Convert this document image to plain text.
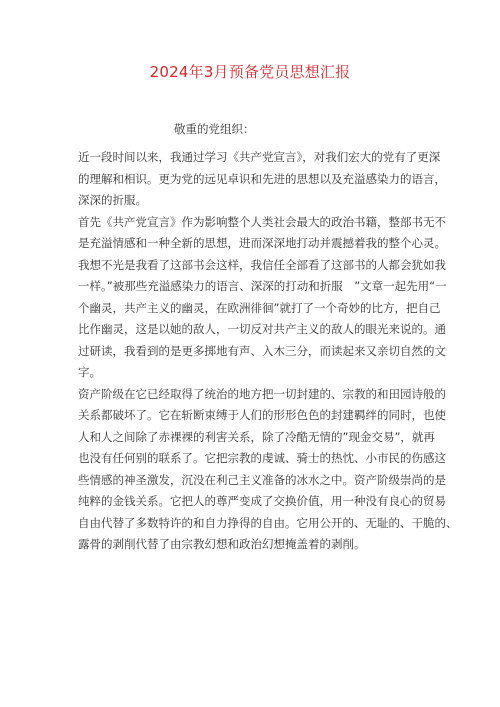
2024年3月预备党员思想汇报
敬重的党组织：
近一段时间以来，我通过学习《共产党宣言》，对我们宏大的党有了更深
的理解和相识。更为党的远见卓识和先进的思想以及充溢感染力的语言，
深深的折服。
首先《共产党宣言》作为影响整个人类社会最大的政治书籍，整部书无不
是充溢情感和一种全新的思想，进而深深地打动并震撼着我的整个心灵。
我想不光是我看了这部书会这样，我信任全部看了这部书的人都会犹如我
一样。”被那些充溢感染力的语言、深深的打动和折服　”文章一起先用“一
个幽灵，共产主义的幽灵，在欧洲徘徊”就打了一个奇妙的比方，把自己
比作幽灵，这是以她的敌人，一切反对共产主义的敌人的眼光来说的。通
过研读，我看到的是更多掷地有声、入木三分，而读起来又亲切自然的文
字。
资产阶级在它已经取得了统治的地方把一切封建的、宗教的和田园诗般的
关系都破坏了。它在斩断束缚于人们的形形色色的封建羁绊的同时，也使
人和人之间除了赤裸裸的利害关系，除了冷酷无情的”现金交易”，就再
也没有任何别的联系了。它把宗教的虔诚、骑士的热忱、小市民的伤感这
些情感的神圣激发，沉没在利己主义准备的冰水之中。资产阶级崇尚的是
纯粹的金钱关系。它把人的尊严变成了交换价值，用一种没有良心的贸易
自由代替了多数特许的和自力挣得的自由。它用公开的、无耻的、干脆的、
露骨的剥削代替了由宗教幻想和政治幻想掩盖着的剥削。
